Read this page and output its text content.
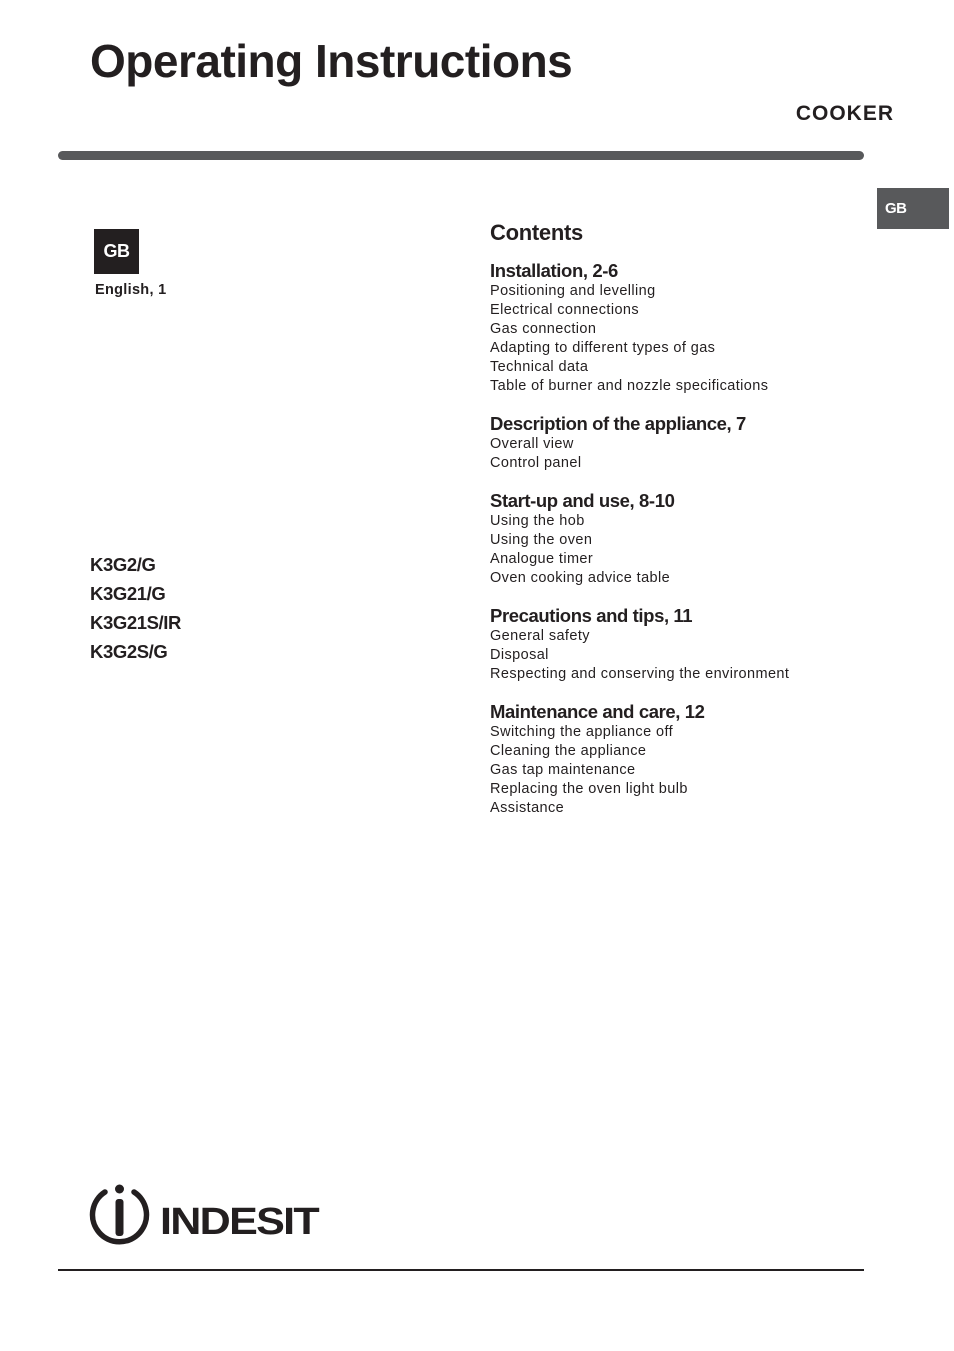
Operating Instructions
COOKER
GB
GB
English, 1
K3G2/G
K3G21/G
K3G21S/IR
K3G2S/G
Contents
Installation, 2-6
Positioning and levelling
Electrical connections
Gas connection
Adapting to different types of gas
Technical data
Table of burner and nozzle specifications
Description of the appliance, 7
Overall view
Control panel
Start-up and use, 8-10
Using the hob
Using the oven
Analogue timer
Oven cooking advice table
Precautions and tips, 11
General safety
Disposal
Respecting and conserving the environment
Maintenance and care, 12
Switching the appliance off
Cleaning the appliance
Gas tap maintenance
Replacing the oven light bulb
Assistance
INDESIT
